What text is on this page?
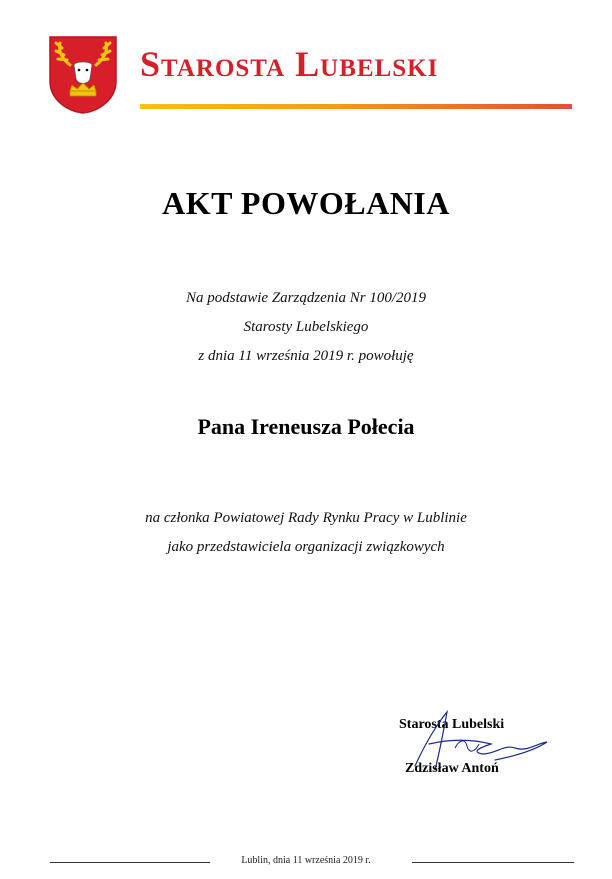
Starosta Lubelski
AKT POWOŁANIA
Na podstawie Zarządzenia Nr 100/2019
Starosty Lubelskiego
z dnia 11 września 2019 r. powołuję
Pana Ireneusza Połecia
na członka Powiatowej Rady Rynku Pracy w Lublinie
jako przedstawiciela organizacji związkowych
Starosta Lubelski
Zdzisław Antoń
Lublin, dnia 11 września 2019 r.
